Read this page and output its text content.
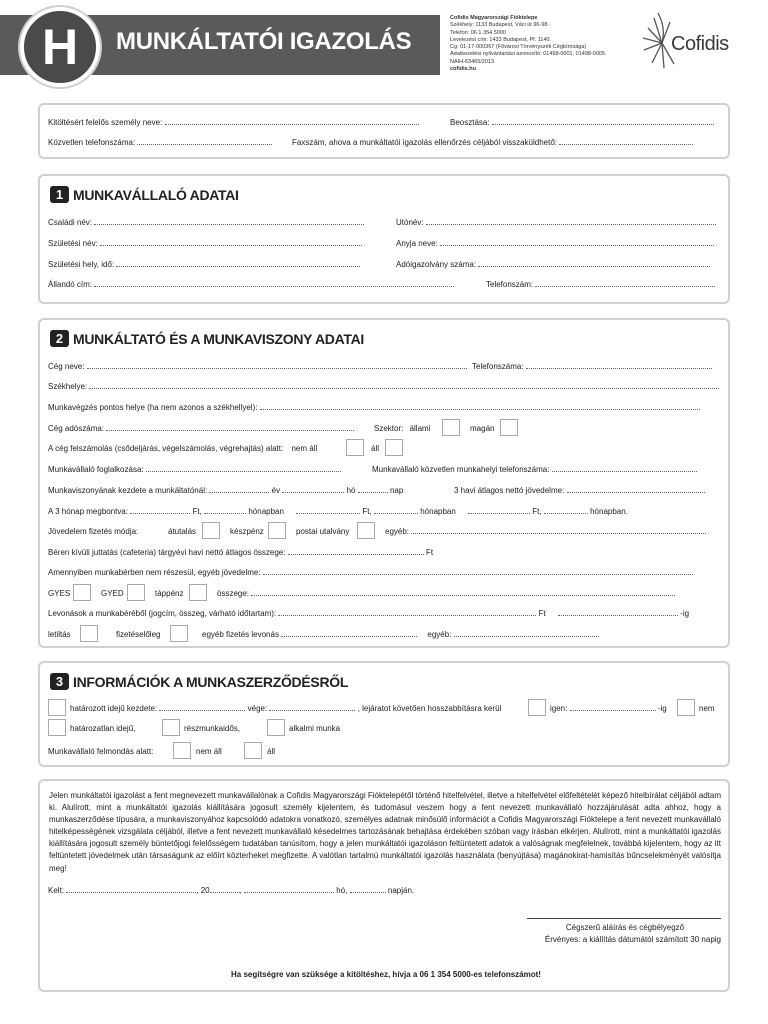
H	MUNKÁLTATÓI IGAZOLÁS
Cofidis Magyarországi Fióktelepe
Székhely: 1133 Budapest, Váci út 96-98.
Telefon: 06 1 354 5000
Levelezési cím: 1433 Budapest, Pf. 1140.
Cg: 01-17-000367 (Fővárosi Törvényszék Cégbírósága)
Adatkezelési nyilvántartási azonosító: 01498-0001, 01498-0005
NAIH-63465/2013
cofidis.hu
Cofidis
Kitöltésért felelős személy neve:	Beosztása:
Közvetlen telefonszáma:	Faxszám, ahova a munkáltatói igazolás ellenőrzés céljából visszaküldhető:
1 MUNKAVÁLLALÓ ADATAI
Családi név:	Utónév:
Születési név:	Anyja neve:
Születési hely, idő:	Adóigazolvány száma:
Állandó cím:	Telefonszám:
2 MUNKÁLTATÓ ÉS A MUNKAVISZONY ADATAI
Cég neve:	Telefonszáma:
Székhelye:
Munkavégzés pontos helye (ha nem azonos a székhellyel):
Cég adószáma:	Szektor: állami	magán
A cég felszámolás (csődeljárás, végelszámolás, végrehajtás) alatt: nem áll	áll
Munkavállaló foglalkozása:	Munkavállaló közvetlen munkahelyi telefonszáma:
Munkaviszonyának kezdete a munkáltatónál:	év	hó	nap	3 havi átlagos nettó jövedelme:
A 3 hónap megbontva:	Ft,	hónapban	Ft,	hónapban	Ft,	hónapban.
Jövedelem fizetés módja:	átutalás	készpénz	postai utalvány	egyéb:
Béren kívüli juttatás (cafeteria) tárgyévi havi nettó átlagos összege:	Ft
Amennyiben munkabérben nem részesül, egyéb jövedelme:
GYES	GYED	táppénz	összege:
Levonások a munkabéréből (jogcím, összeg, várható időtartam):	Ft	-ig
letiltás	fizetéselőleg	egyéb fizetés levonás	egyéb:
3 INFORMÁCIÓK A MUNKASZERZŐDÉSRŐL
határozott idejű kezdete:	vége:	, lejáratot követően hosszabbításra kerül	igen:	-ig	nem
határozatlan idejű,	részmunkaidős,	alkalmi munka
Munkavállaló felmondás alatt:	nem áll	áll
Jelen munkáltatói igazolást a fent megnevezett munkavállalónak a Cofidis Magyarországi Fióktelepétől történő hitelfelvétel, illetve a hitelfelvétel előfeltételét képező hitelbírálat céljából adtam ki. Alulírott, mint a munkáltatói igazolás kiállítására jogosult személy kijelentem, és tudomásul veszem hogy a fent nevezett munkavállaló hozzájárulását adta ahhoz, hogy a munkaszerződése típusára, a munkaviszonyához kapcsolódó adatokra vonatkozó, személyes adatnak minősülő információt a Cofidis Magyarországi Fióktelepe a fent nevezett munkavállaló hitelképességének vizsgálata céljából, illetve a fent nevezett munkavállaló késedelmes tartozásának behajtása érdekében szóban vagy írásban elkérjen. Alulírott, mint a munkáltatói igazolás kiállítására jogosult személy büntetőjogi felelősségem tudatában tanúsítom, hogy a jelen munkáltatói igazoláson feltüntetett adatok a valóságnak megfelelnek, továbbá kijelentem, hogy az itt feltüntetett jövedelmek után társaságunk az előírt közterheket megfizette. A valótlan tartalmú munkáltatói igazolás használata (benyújtása) magánokirat-hamisítás bűncselekményét valósítja meg!
Kelt:	, 20	,	hó,	napján.
Cégszerű aláírás és cégbélyegző
Érvényes: a kiállítás dátumától számított 30 napig
Ha segítségre van szüksége a kitöltéshez, hívja a 06 1 354 5000-es telefonszámot!
